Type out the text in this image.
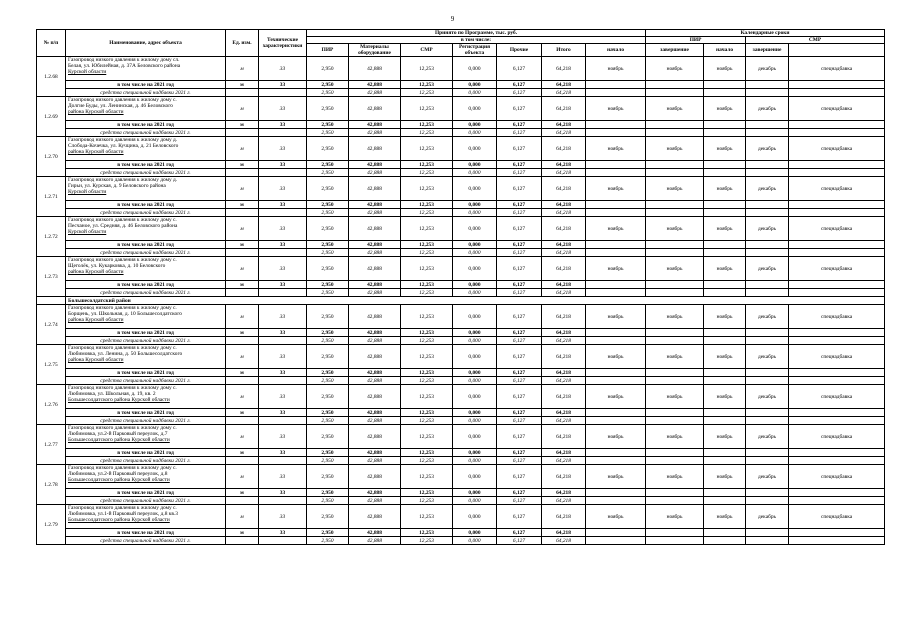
9
№ п/п	Наименование, адрес объекта	Ед. изм.	Технические характеристики	Принято по Программе, тыс. руб.							Календарные сроки	
				в том числе:							ПИР		СМР		
				ПИР	Материалы оборудование	СМР	Регистрация объекта	Прочие	Итого	начало	завершение	начало	завершение		
1.2.68	Газопровод низкого давления к жилому дому сл.
Белая, ул. Юбилейная, д. 37А Беловского района
Курской области	м	33	2,950	42,888	12,253	0,000	6,127	64,218	ноябрь	ноябрь	ноябрь	декабрь	спецнадбавка	
	в том числе на 2021 год	м	33	2,950	42,888	12,253	0,000	6,127	64,218						
	средства специальной надбавки 2021 г.			2,950	42,888	12,253	0,000	6,127	64,218						
1.2.69	Газопровод низкого давления к жилому дому с.
Долгие Буды, ул. Ленинская, д. 46 Беловского
района Курской области	м	33	2,950	42,888	12,253	0,000	6,127	64,218	ноябрь	ноябрь	ноябрь	декабрь	спецнадбавка	
	в том числе на 2021 год	м	33	2,950	42,888	12,253	0,000	6,127	64,218						
	средства специальной надбавки 2021 г.			2,950	42,888	12,253	0,000	6,127	64,218						
1.2.70	Газопровод низкого давления к жилому дому д.
Слобода-Кочечка, ул. Кучцина, д. 21 Беловского
района Курской области	м	33	2,950	42,888	12,253	0,000	6,127	64,218	ноябрь	ноябрь	ноябрь	декабрь	спецнадбавка	
	в том числе на 2021 год	м	33	2,950	42,888	12,253	0,000	6,127	64,218						
	средства специальной надбавки 2021 г.			2,950	42,888	12,253	0,000	6,127	64,218						
1.2.71	Газопровод низкого давления к жилому дому д.
Гирьи, ул. Курская, д. 9 Беловского района
Курской области	м	33	2,950	42,888	12,253	0,000	6,127	64,218	ноябрь	ноябрь	ноябрь	декабрь	спецнадбавка	
	в том числе на 2021 год	м	33	2,950	42,888	12,253	0,000	6,127	64,218						
	средства специальной надбавки 2021 г.			2,950	42,888	12,253	0,000	6,127	64,218						
1.2.72	Газопровод низкого давления к жилому дому с.
Песчаное, ул. Средняя, д. 46 Беловского района
Курской области	м	33	2,950	42,888	12,253	0,000	6,127	64,218	ноябрь	ноябрь	ноябрь	декабрь	спецнадбавка	
	в том числе на 2021 год	м	33	2,950	42,888	12,253	0,000	6,127	64,218						
	средства специальной надбавки 2021 г.			2,950	42,888	12,253	0,000	6,127	64,218						
1.2.73	Газопровод низкого давления к жилому дому с.
Щеголёк, ул. Кукарковка, д. 10 Беловского
района Курской области	м	33	2,950	42,888	12,253	0,000	6,127	64,218	ноябрь	ноябрь	ноябрь	декабрь	спецнадбавка	
	в том числе на 2021 год	м	33	2,950	42,888	12,253	0,000	6,127	64,218						
	средства специальной надбавки 2021 г.			2,950	42,888	12,253	0,000	6,127	64,218						
	Большесолдатский район														
1.2.74	Газопровод низкого давления к жилому дому с.
Борщень, ул. Школьная, д. 10 Большесолдатского
района Курской области	м	33	2,950	42,888	12,253	0,000	6,127	64,218	ноябрь	ноябрь	ноябрь	декабрь	спецнадбавка	
	в том числе на 2021 год	м	33	2,950	42,888	12,253	0,000	6,127	64,218						
	средства специальной надбавки 2021 г.			2,950	42,888	12,253	0,000	6,127	64,218						
1.2.75	Газопровод низкого давления к жилому дому с.
Любимовка, ул. Ленина, д. 50 Большесолдатского
района Курской области	м	33	2,950	42,888	12,253	0,000	6,127	64,218	ноябрь	ноябрь	ноябрь	декабрь	спецнадбавка	
	в том числе на 2021 год	м	33	2,950	42,888	12,253	0,000	6,127	64,218						
	средства специальной надбавки 2021 г.			2,950	42,888	12,253	0,000	6,127	64,218						
1.2.76	Газопровод низкого давления к жилому дому с.
Любимовка, ул. Школьная, д. 19, кв. 2
Большесолдатского района Курской области	м	33	2,950	42,888	12,253	0,000	6,127	64,218	ноябрь	ноябрь	ноябрь	декабрь	спецнадбавка	
	в том числе на 2021 год	м	33	2,950	42,888	12,253	0,000	6,127	64,218						
	средства специальной надбавки 2021 г.			2,950	42,888	12,253	0,000	6,127	64,218						
1.2.77	Газопровод низкого давления к жилому дому с.
Любимовка, ул.2-й Парковый переулок, д.7
Большесолдатского района Курской области	м	33	2,950	42,888	12,253	0,000	6,127	64,218	ноябрь	ноябрь	ноябрь	декабрь	спецнадбавка	
	в том числе на 2021 год	м	33	2,950	42,888	12,253	0,000	6,127	64,218						
	средства специальной надбавки 2021 г.			2,950	42,888	12,253	0,000	6,127	64,218						
1.2.78	Газопровод низкого давления к жилому дому с.
Любимовка, ул.2-й Парковый переулок, д.8
Большесолдатского района Курской области	м	33	2,950	42,888	12,253	0,000	6,127	64,218	ноябрь	ноябрь	ноябрь	декабрь	спецнадбавка	
	в том числе на 2021 год	м	33	2,950	42,888	12,253	0,000	6,127	64,218						
	средства специальной надбавки 2021 г.			2,950	42,888	12,253	0,000	6,127	64,218						
1.2.79	Газопровод низкого давления к жилому дому с.
Любимовка, ул.1-й Парковый переулок, д.8 кв.3
Большесолдатского района Курской области	м	33	2,950	42,888	12,253	0,000	6,127	64,218	ноябрь	ноябрь	ноябрь	декабрь	спецнадбавка	
	в том числе на 2021 год	м	33	2,950	42,888	12,253	0,000	6,127	64,218						
	средства специальной надбавки 2021 г.			2,950	42,888	12,253	0,000	6,127	64,218						
